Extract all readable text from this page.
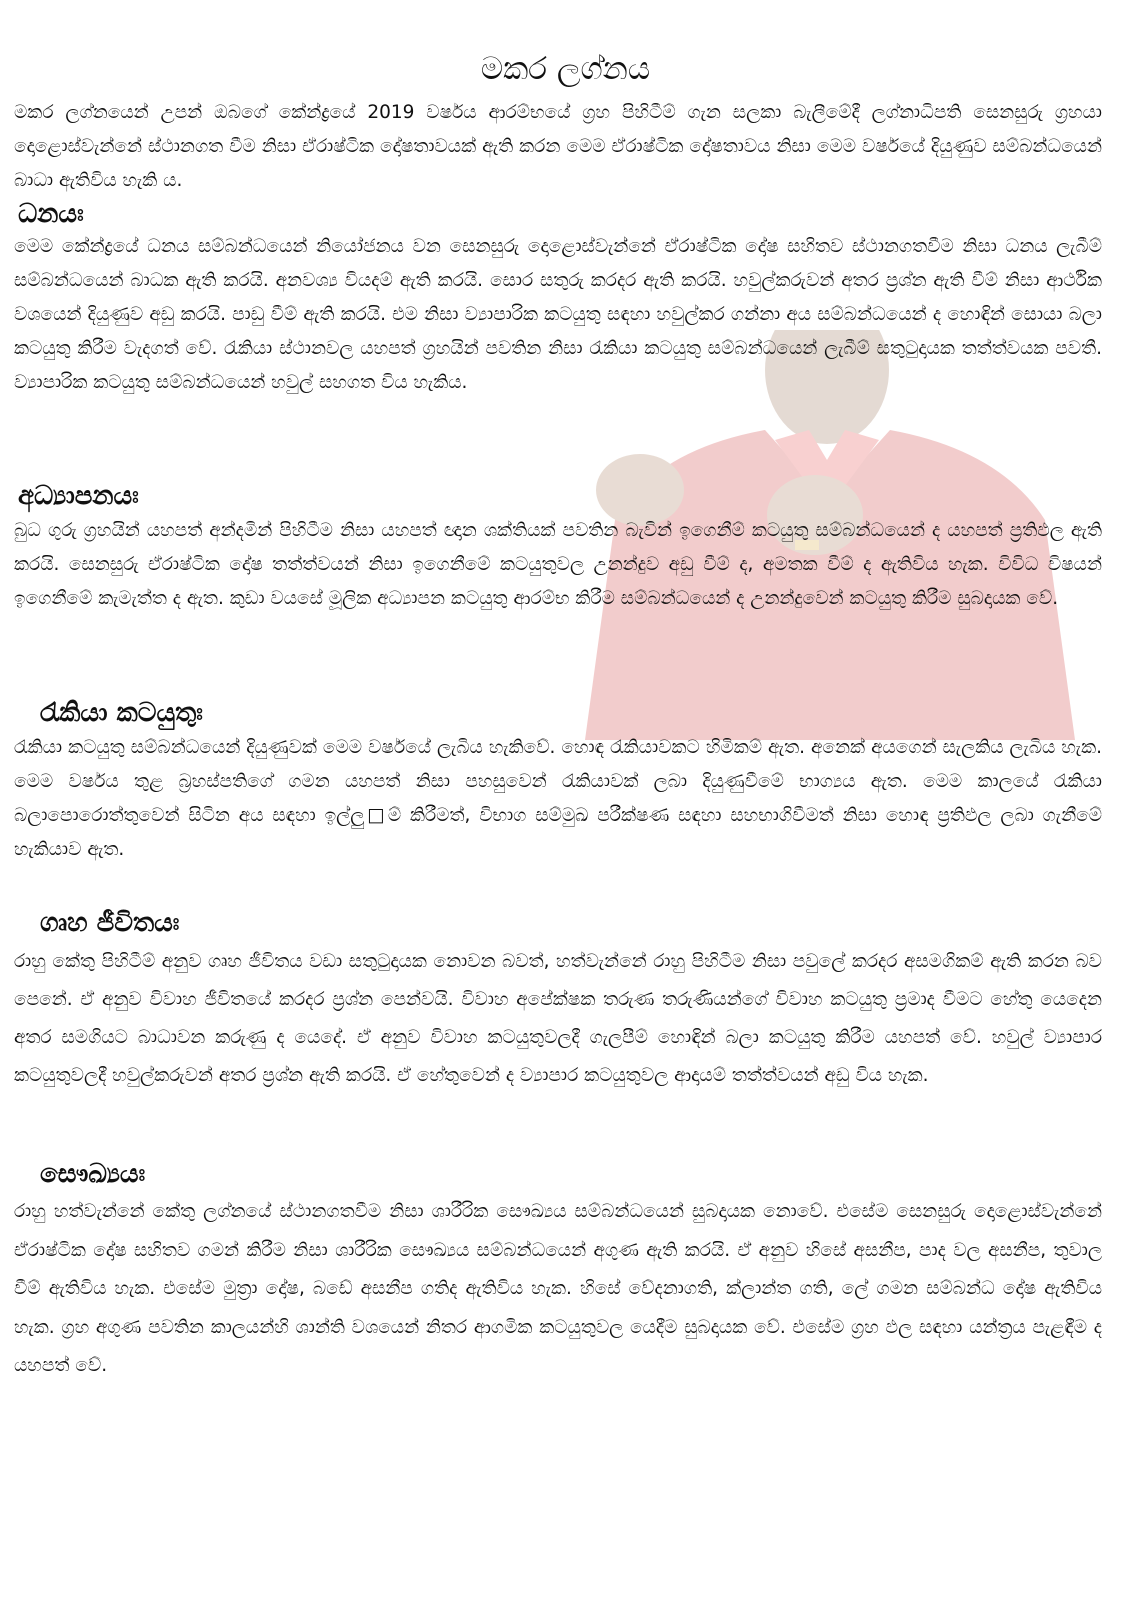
මකර ලග්නය

මකර ලග්නයෙන් උපන් ඔබගේ කේන්ද්‍රයේ 2019 වර්ෂය ආරම්භයේ ග්‍රහ පිහිටීම් ගැන සලකා බැලීමේදී ලග්නාධිපති සෙනසුරු ග්‍රහයා දොළොස්වැන්නේ ස්ථානගත වීම නිසා ඒරාෂ්ටික දෝෂතාවයක් ඇති කරන මෙම ඒරාෂ්ටික දෝෂතාවය නිසා මෙම වර්ෂයේ දියුණුව සම්බන්ධයෙන් බාධා ඇතිවිය හැකි ය.

ධනයඃ

මෙම කේන්ද්‍රයේ ධනය සම්බන්ධයෙන් නියෝජනය වන සෙනසුරු දොළොස්වැන්නේ ඒරාෂ්ටික දෝෂ සහිතව ස්ථානගතවීම නිසා ධනය ලැබීම් සම්බන්ධයෙන් බාධක ඇති කරයි. අනවශ්‍ය වියදම් ඇති කරයි. සොර සතුරු කරදර ඇති කරයි. හවුල්කරුවන් අතර ප්‍රශ්න ඇති වීම් නිසා ආර්ථික වශයෙන් දියුණුව අඩු කරයි. පාඩු වීම් ඇති කරයි. එම නිසා ව්‍යාපාරික කටයුතු සඳහා හවුල්කර ගන්නා අය සම්බන්ධයෙන් ද හොඳින් සොයා බලා කටයුතු කිරීම වැදගත් වේ. රැකියා ස්ථානවල යහපත් ග්‍රහයින් පවතින නිසා රැකියා කටයුතු සම්බන්ධයෙන් ලැබීම් සතුටුදායක තත්ත්වයක පවතී. ව්‍යාපාරික කටයුතු සම්බන්ධයෙන් හවුල් සහගත විය හැකිය.

අධ්‍යාපනයඃ

බුධ ගුරු ග්‍රහයින් යහපත් අන්දමින් පිහිටීම නිසා යහපත් ඥාන ශක්තියක් පවතින බැවින් ඉගෙනීම් කටයුතු සම්බන්ධයෙන් ද යහපත් ප්‍රතිඵල ඇති කරයි. සෙනසුරු ඒරාෂ්ටික දෝෂ තත්ත්වයන් නිසා ඉගෙනීමේ කටයුතුවල උනන්දුව අඩු වීම් ද, අමතක වීම් ද ඇතිවිය හැක. විවිධ විෂයන් ඉගෙනීමේ කැමැත්ත ද ඇත. කුඩා වයසේ මූලික අධ්‍යාපන කටයුතු ආරම්භ කිරීම සම්බන්ධයෙන් ද උනන්දුවෙන් කටයුතු කිරීම සුබදායක වේ.

රැකියා කටයුතුඃ

රැකියා කටයුතු සම්බන්ධයෙන් දියුණුවක් මෙම වර්ෂයේ ලැබිය හැකිවේ. හොඳ රැකියාවකට හිමිකම් ඇත. අනෙක් අයගෙන් සැලකිය ලැබිය හැක. මෙම වර්ෂය තුළ බ්‍රහස්පතිගේ ගමන යහපත් නිසා පහසුවෙන් රැකියාවක් ලබා දියුණුවීමේ භාග්‍යය ඇත. මෙම කාලයේ රැකියා බලාපොරොත්තුවෙන් සිටින අය සඳහා ඉල්ලු□ම් කිරීමත්, විභාග සම්මුඛ පරීක්ෂණ සඳහා සහභාගිවීමත් නිසා හොඳ ප්‍රතිඵල ලබා ගැනීමේ හැකියාව ඇත.

ගෘහ ජීවිතයඃ

රාහු කේතු පිහිටීම් අනුව ගෘහ ජීවිතය වඩා සතුටුදායක නොවන බවත්, හත්වැන්නේ රාහු පිහිටීම නිසා පවුලේ කරදර අසමගිකම් ඇති කරන බව පෙනේ. ඒ අනුව විවාහ ජීවිතයේ කරදර ප්‍රශ්න පෙන්වයි. විවාහ අපේක්ෂක තරුණ තරුණියන්ගේ විවාහ කටයුතු ප්‍රමාද වීමට හේතු යෙදෙන අතර සමගියට බාධාවන කරුණු ද යෙදේ. ඒ අනුව විවාහ කටයුතුවලදී ගැලපීම් හොඳින් බලා කටයුතු කිරීම යහපත් වේ. හවුල් ව්‍යාපාර කටයුතුවලදී හවුල්කරුවන් අතර ප්‍රශ්න ඇති කරයි. ඒ හේතුවෙන් ද ව්‍යාපාර කටයුතුවල ආදායම් තත්ත්වයන් අඩු විය හැක.

සෞඛ්‍යයඃ

රාහු හත්වැන්නේ කේතු ලග්නයේ ස්ථානගතවීම නිසා ශාරීරික සෞඛ්‍යය සම්බන්ධයෙන් සුබදායක නොවේ. එසේම සෙනසුරු දොළොස්වැන්නේ ඒරාෂ්ටික දෝෂ සහිතව ගමන් කිරීම නිසා ශාරීරික සෞඛ්‍යය සම්බන්ධයෙන් අගුණ ඇති කරයි. ඒ අනුව හිසේ අසනීප, පාද වල අසනීප, තුවාල වීම් ඇතිවිය හැක. එසේම මුත්‍රා දෝෂ, බඩේ අසනීප ගතිද ඇතිවිය හැක. හිසේ වේදනාගති, ක්ලාන්ත ගති, ලේ ගමන සම්බන්ධ දෝෂ ඇතිවිය හැක. ග්‍රහ අගුණ පවතින කාලයන්හි ශාන්ති වශයෙන් නිතර ආගමික කටයුතුවල යෙදීම සුබදායක වේ. එසේම ග්‍රහ ඵල සඳහා යන්ත්‍රය පැළඳීම ද යහපත් වේ.
